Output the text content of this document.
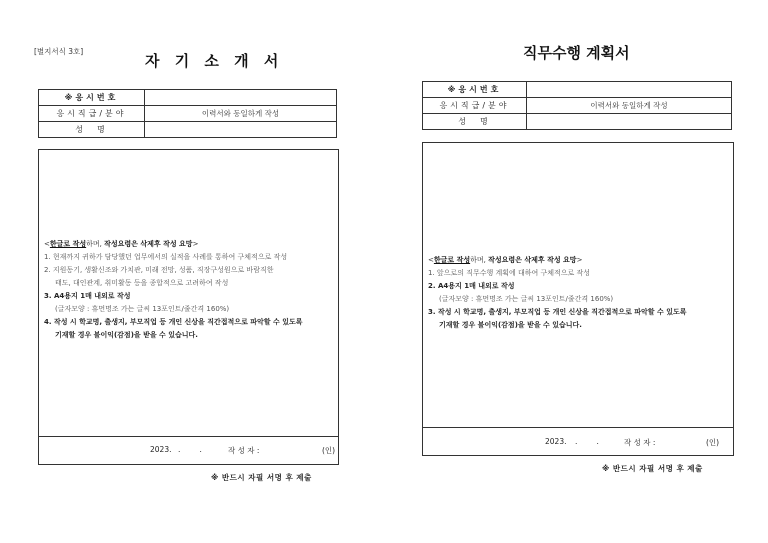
[별지서식 3호]
자 기 소 개 서
※응시번호	
응시직급/분야	이력서와 동일하게 작성
성　명	
<한글로 작성하며, 작성요령은 삭제후 작성 요망>
1. 현재까지 귀하가 담당했던 업무에서의 실적을 사례를 통하여 구체적으로 작성
2. 지원동기, 생활신조와 가치관, 미래 전망, 성품, 직장구성원으로 바람직한
태도, 대인관계, 취미활동 등을 종합적으로 고려하여 작성
3. A4용지 1매 내외로 작성
(글자모양 : 휴먼명조 가는 글씨 13포인트/줄간격 160%)
4. 작성 시 학교명, 출생지, 부모직업 등 개인 신상을 직간접적으로 파악할 수 있도록
기재할 경우 불이익(감점)을 받을 수 있습니다.
2023. .        .	작 성 자 :	(인)
※ 반드시 자필 서명 후 제출
직무수행 계획서
※응시번호	
응시직급/분야	이력서와 동일하게 작성
성　명	
<한글로 작성하며, 작성요령은 삭제후 작성 요망>
1. 앞으로의 직무수행 계획에 대하여 구체적으로 작성
2. A4용지 1매 내외로 작성
(글자모양 : 휴먼명조 가는 글씨 13포인트/줄간격 160%)
3. 작성 시 학교명, 출생지, 부모직업 등 개인 신상을 직간접적으로 파악할 수 있도록
기재할 경우 불이익(감점)을 받을 수 있습니다.
2023. .        .	작 성 자 :	(인)
※ 반드시 자필 서명 후 제출
